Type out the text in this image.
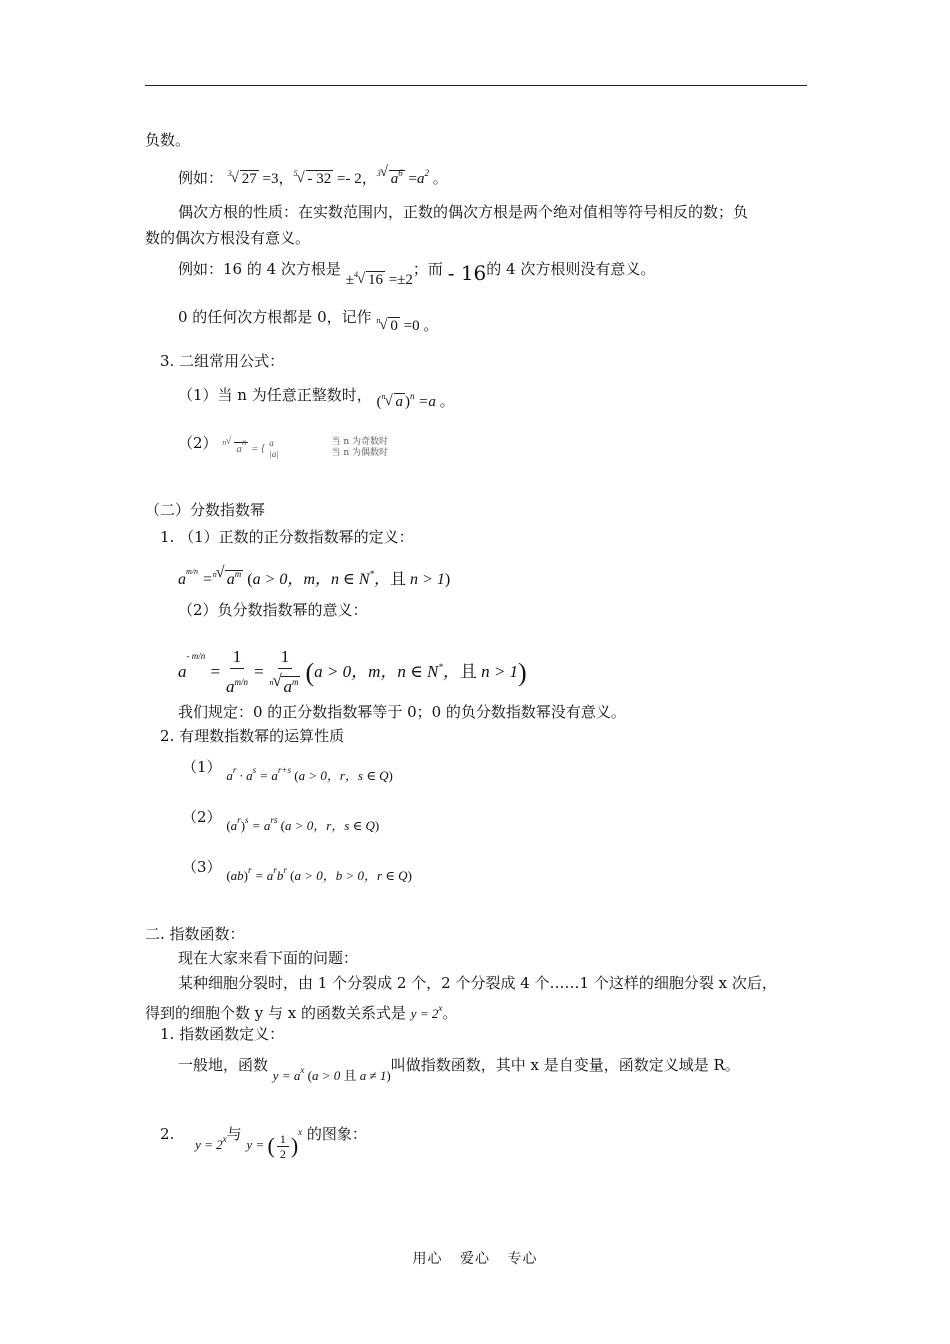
负数。
例如： $^3$√ 27 =3，$^5$√ - 32 =- 2，$^3$√ $a^6 =a^2$ 。
偶次方根的性质：在实数范围内，正数的偶次方根是两个绝对值相等符号相反的数；负
数的偶次方根没有意义。
例如：16 的 4 次方根是 ±$^4$√ 16 =±2；而 - 16的 4 次方根则没有意义。
0 的任何次方根都是 0，记作 $^n$√ 0 =0 。
3. 二组常用公式：
（1）当 n 为任意正整数时， ($^n$√ a )$^n$ =a 。
（2） $_{^n√ a^n = \{ a |a|}$

当 n 为奇数时
当 n 为偶数时
（二）分数指数幂
1. （1）正数的正分数指数幂的定义：
$a^{m/n} =^n√$ $a^m$ (a > 0，m，n ∈ N*，且 n > 1)
（2）负分数指数幂的意义：
$a^{- m/n} = \frac{1}{a^{m/n}} = \frac{1}{^n√ a^m} (a > 0$，m，n ∈ N*，且 n > 1)
我们规定：0 的正分数指数幂等于 0；0 的负分数指数幂没有意义。
2. 有理数指数幂的运算性质
（1） $a^r \cdot a^s = a^{r+s}$ (a > 0，r，s ∈ Q)
（2） $(a^r)^s = a^{rs}$ (a > 0，r，s ∈ Q)
（3） $(ab)^r = a^rb^r$ (a > 0，b > 0，r ∈ Q)
二. 指数函数：
现在大家来看下面的问题：
某种细胞分裂时，由 1 个分裂成 2 个，2 个分裂成 4 个……1 个这样的细胞分裂 x 次后，
得到的细胞个数 y 与 x 的函数关系式是 $y = 2^x$。
1. 指数函数定义：
一般地，函数 $y = a^x$ (a > 0 且 a ≠ 1)叫做指数函数，其中 x 是自变量，函数定义域是 R。
2. $y = 2^x$与 y = ( $\frac{1}{2} )^x$ 的图象：
用心 爱心 专心
